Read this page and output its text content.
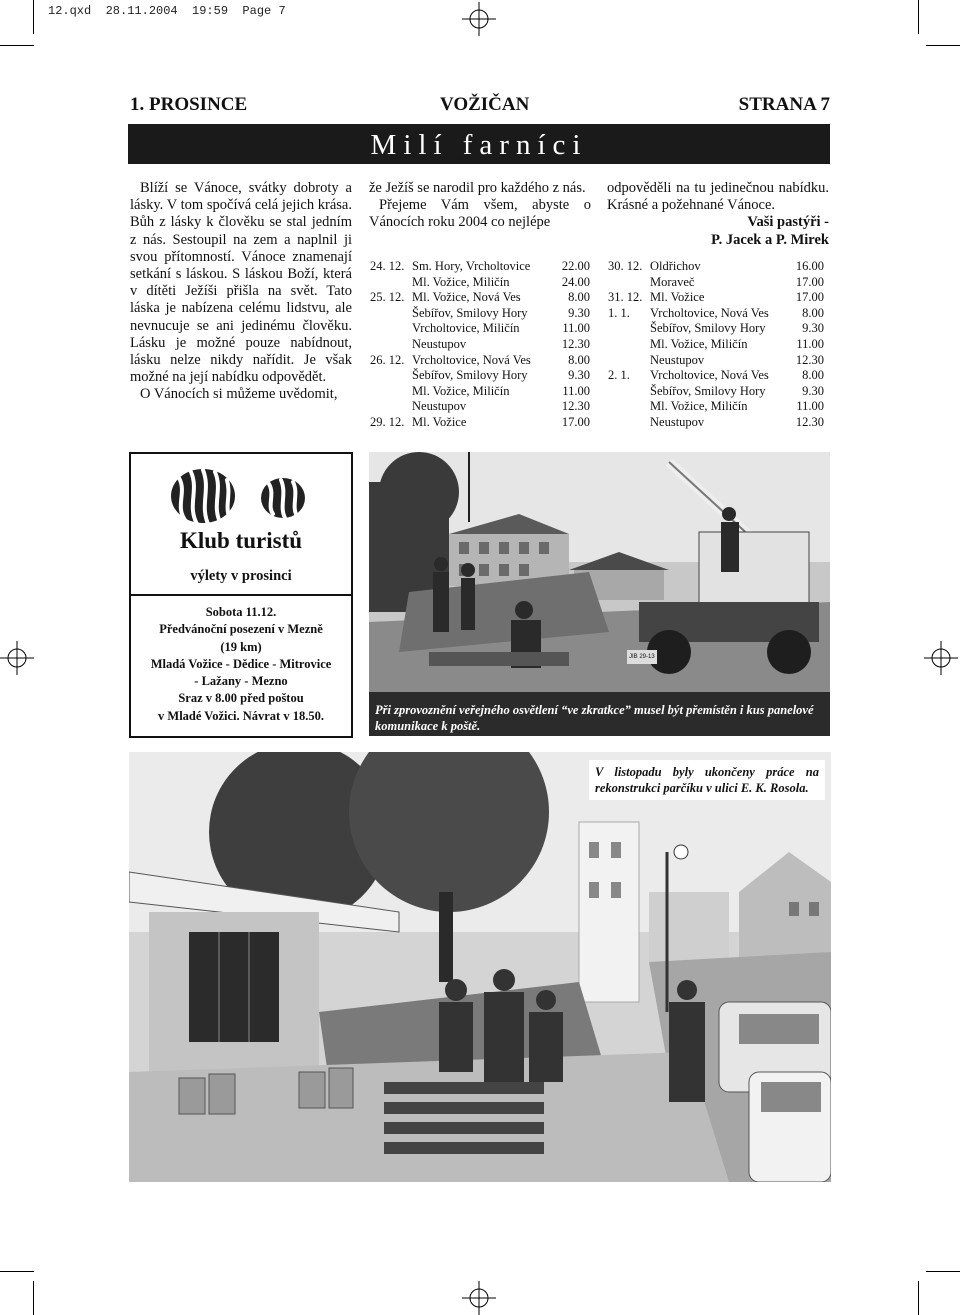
12.qxd  28.11.2004  19:59  Page 7
1. PROSINCE	VOŽIČAN	STRANA 7
Milí farníci

Blíží se Vánoce, svátky dobroty a lásky. V tom spočívá celá jejich krása. Bůh z lásky k člověku se stal jedním z nás. Sestoupil na zem a naplnil ji svou přítomností. Vánoce znamenají setkání s láskou. S láskou Boží, která v dítěti Ježíši přišla na svět. Tato láska je nabízena celému lidstvu, ale nevnucuje se ani jedinému člověku. Lásku je možné pouze nabídnout, lásku nelze nikdy nařídit. Je však možné na její nabídku odpovědět.

O Vánocích si můžeme uvědomit,

že Ježíš se narodil pro každého z nás.

Přejeme Vám všem, abyste o Vánocích roku 2004 co nejlépe

odpověděli na tu jedinečnou nabídku. Krásné a požehnané Vánoce.

Vaši pastýři -

P. Jacek a P. Mirek

24. 12. Sm. Hory, Vrcholtovice	22.00
Ml. Vožice, Miličín	24.00
25. 12. Ml. Vožice, Nová Ves	8.00
Šebířov, Smilovy Hory	9.30
Vrcholtovice, Miličín	11.00
Neustupov	12.30
26. 12. Vrcholtovice, Nová Ves	8.00
Šebířov, Smilovy Hory	9.30
Ml. Vožice, Miličín	11.00
Neustupov	12.30
29. 12. Ml. Vožice	17.00
30. 12. Oldřichov	16.00
Moraveč	17.00
31. 12. Ml. Vožice	17.00
1. 1.	Vrcholtovice, Nová Ves	8.00
Šebířov, Smilovy Hory	9.30
Ml. Vožice, Miličín	11.00
Neustupov	12.30
2. 1.	Vrcholtovice, Nová Ves	8.00
Šebířov, Smilovy Hory	9.30
Ml. Vožice, Miličín	11.00
Neustupov	12.30
Klub turistů
výlety v prosinci
Sobota 11.12.
Předvánoční posezení v Mezně
(19 km)
Mladá Vožice - Dědice - Mitrovice
- Lažany - Mezno
Sraz v 8.00 před poštou
v Mladé Vožici. Návrat v 18.50.	Při zprovoznění veřejného osvětlení “ve zkratkce” musel být přemístěn i kus panelové komunikace k poště.
JIB 29-13
V listopadu byly ukončeny práce na rekonstrukci parčíku v ulici E. K. Rosola.
